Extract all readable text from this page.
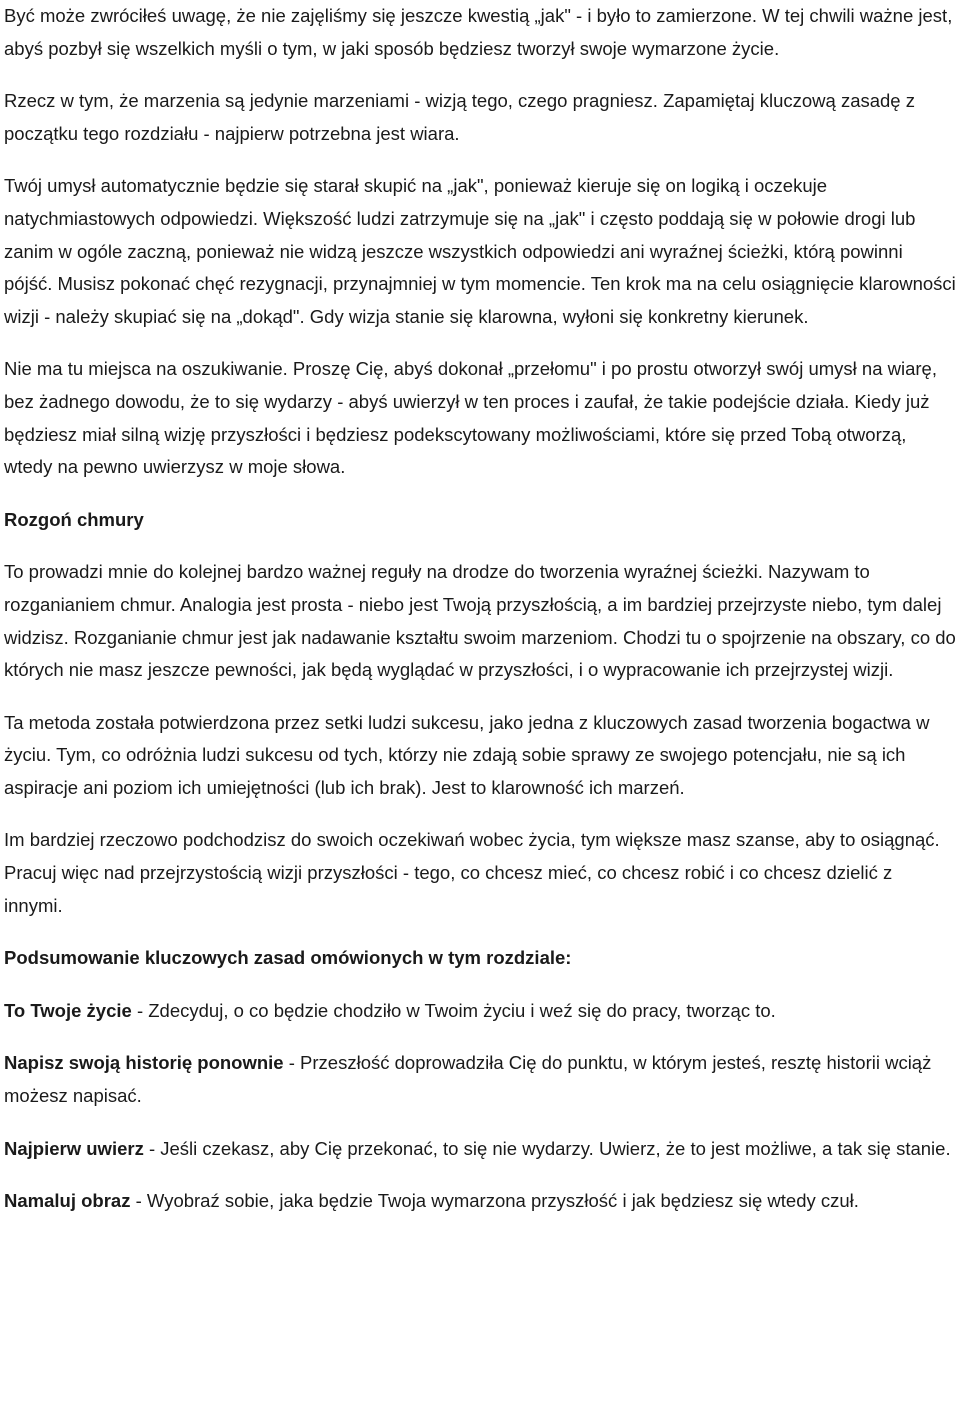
Być może zwróciłeś uwagę, że nie zajęliśmy się jeszcze kwestią „jak" - i było to zamierzone. W tej chwili ważne jest, abyś pozbył się wszelkich myśli o tym, w jaki sposób będziesz tworzył swoje wymarzone życie.

Rzecz w tym, że marzenia są jedynie marzeniami - wizją tego, czego pragniesz. Zapamiętaj kluczową zasadę z początku tego rozdziału - najpierw potrzebna jest wiara.

Twój umysł automatycznie będzie się starał skupić na „jak", ponieważ kieruje się on logiką i oczekuje natychmiastowych odpowiedzi. Większość ludzi zatrzymuje się na „jak" i często poddają się w połowie drogi lub zanim w ogóle zaczną, ponieważ nie widzą jeszcze wszystkich odpowiedzi ani wyraźnej ścieżki, którą powinni pójść. Musisz pokonać chęć rezygnacji, przynajmniej w tym momencie. Ten krok ma na celu osiągnięcie klarowności wizji - należy skupiać się na „dokąd". Gdy wizja stanie się klarowna, wyłoni się konkretny kierunek.

Nie ma tu miejsca na oszukiwanie. Proszę Cię, abyś dokonał „przełomu" i po prostu otworzył swój umysł na wiarę, bez żadnego dowodu, że to się wydarzy - abyś uwierzył w ten proces i zaufał, że takie podejście działa. Kiedy już będziesz miał silną wizję przyszłości i będziesz podekscytowany możliwościami, które się przed Tobą otworzą, wtedy na pewno uwierzysz w moje słowa.

Rozgoń chmury

To prowadzi mnie do kolejnej bardzo ważnej reguły na drodze do tworzenia wyraźnej ścieżki. Nazywam to rozganianiem chmur. Analogia jest prosta - niebo jest Twoją przyszłością, a im bardziej przejrzyste niebo, tym dalej widzisz. Rozganianie chmur jest jak nadawanie kształtu swoim marzeniom. Chodzi tu o spojrzenie na obszary, co do których nie masz jeszcze pewności, jak będą wyglądać w przyszłości, i o wypracowanie ich przejrzystej wizji.

Ta metoda została potwierdzona przez setki ludzi sukcesu, jako jedna z kluczowych zasad tworzenia bogactwa w życiu. Tym, co odróżnia ludzi sukcesu od tych, którzy nie zdają sobie sprawy ze swojego potencjału, nie są ich aspiracje ani poziom ich umiejętności (lub ich brak). Jest to klarowność ich marzeń.

Im bardziej rzeczowo podchodzisz do swoich oczekiwań wobec życia, tym większe masz szanse, aby to osiągnąć. Pracuj więc nad przejrzystością wizji przyszłości - tego, co chcesz mieć, co chcesz robić i co chcesz dzielić z innymi.

Podsumowanie kluczowych zasad omówionych w tym rozdziale:

To Twoje życie - Zdecyduj, o co będzie chodziło w Twoim życiu i weź się do pracy, tworząc to.

Napisz swoją historię ponownie - Przeszłość doprowadziła Cię do punktu, w którym jesteś, resztę historii wciąż możesz napisać.

Najpierw uwierz - Jeśli czekasz, aby Cię przekonać, to się nie wydarzy. Uwierz, że to jest możliwe, a tak się stanie.

Namaluj obraz - Wyobraź sobie, jaka będzie Twoja wymarzona przyszłość i jak będziesz się wtedy czuł.
